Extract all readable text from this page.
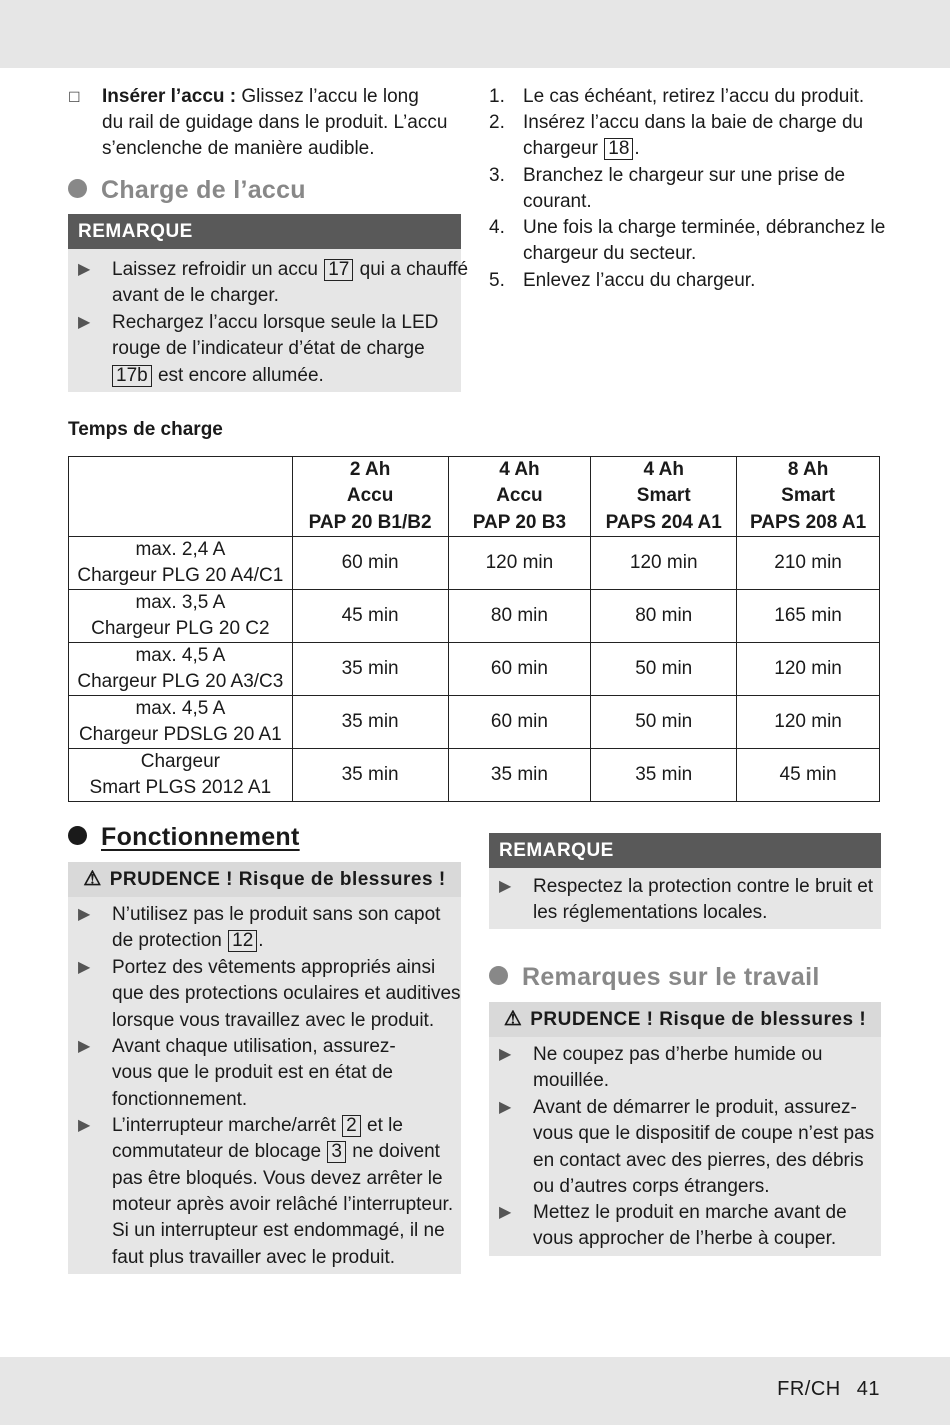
☐ Insérer l’accu : Glissez l’accu le long
du rail de guidage dans le produit. L’accu
s’enclenche de manière audible.
Charge de l’accu
REMARQUE
▶ Laissez refroidir un accu 17 qui a chauffé
avant de le charger.
▶ Rechargez l’accu lorsque seule la LED
rouge de l’indicateur d’état de charge
17b est encore allumée.
1. Le cas échéant, retirez l’accu du produit.
2. Insérez l’accu dans la baie de charge du
chargeur 18 .
3. Branchez le chargeur sur une prise de
courant.
4. Une fois la charge terminée, débranchez le
chargeur du secteur.
5. Enlevez l’accu du chargeur.
Temps de charge
	2 Ah
Accu
PAP 20 B1/B2	4 Ah
Accu
PAP 20 B3	4 Ah
Smart
PAPS 204 A1	8 Ah
Smart
PAPS 208 A1
max. 2,4 A
Chargeur PLG 20 A4/C1	60 min	120 min	120 min	210 min
max. 3,5 A
Chargeur PLG 20 C2	45 min	80 min	80 min	165 min
max. 4,5 A
Chargeur PLG 20 A3/C3	35 min	60 min	50 min	120 min
max. 4,5 A
Chargeur PDSLG 20 A1	35 min	60 min	50 min	120 min
Chargeur
Smart PLGS 2012 A1	35 min	35 min	35 min	45 min
Fonctionnement
⚠ PRUDENCE ! Risque de blessures !
▶ N’utilisez pas le produit sans son capot
de protection 12 .
▶ Portez des vêtements appropriés ainsi
que des protections oculaires et auditives
lorsque vous travaillez avec le produit.
▶ Avant chaque utilisation, assurez-
vous que le produit est en état de
fonctionnement.
▶ L’interrupteur marche/arrêt 2 et le
commutateur de blocage 3 ne doivent
pas être bloqués. Vous devez arrêter le
moteur après avoir relâché l’interrupteur.
Si un interrupteur est endommagé, il ne
faut plus travailler avec le produit.
REMARQUE
▶ Respectez la protection contre le bruit et
les réglementations locales.
Remarques sur le travail
⚠ PRUDENCE ! Risque de blessures !
▶ Ne coupez pas d’herbe humide ou
mouillée.
▶ Avant de démarrer le produit, assurez-
vous que le dispositif de coupe n’est pas
en contact avec des pierres, des débris
ou d’autres corps étrangers.
▶ Mettez le produit en marche avant de
vous approcher de l’herbe à couper.
FR/CH 41
